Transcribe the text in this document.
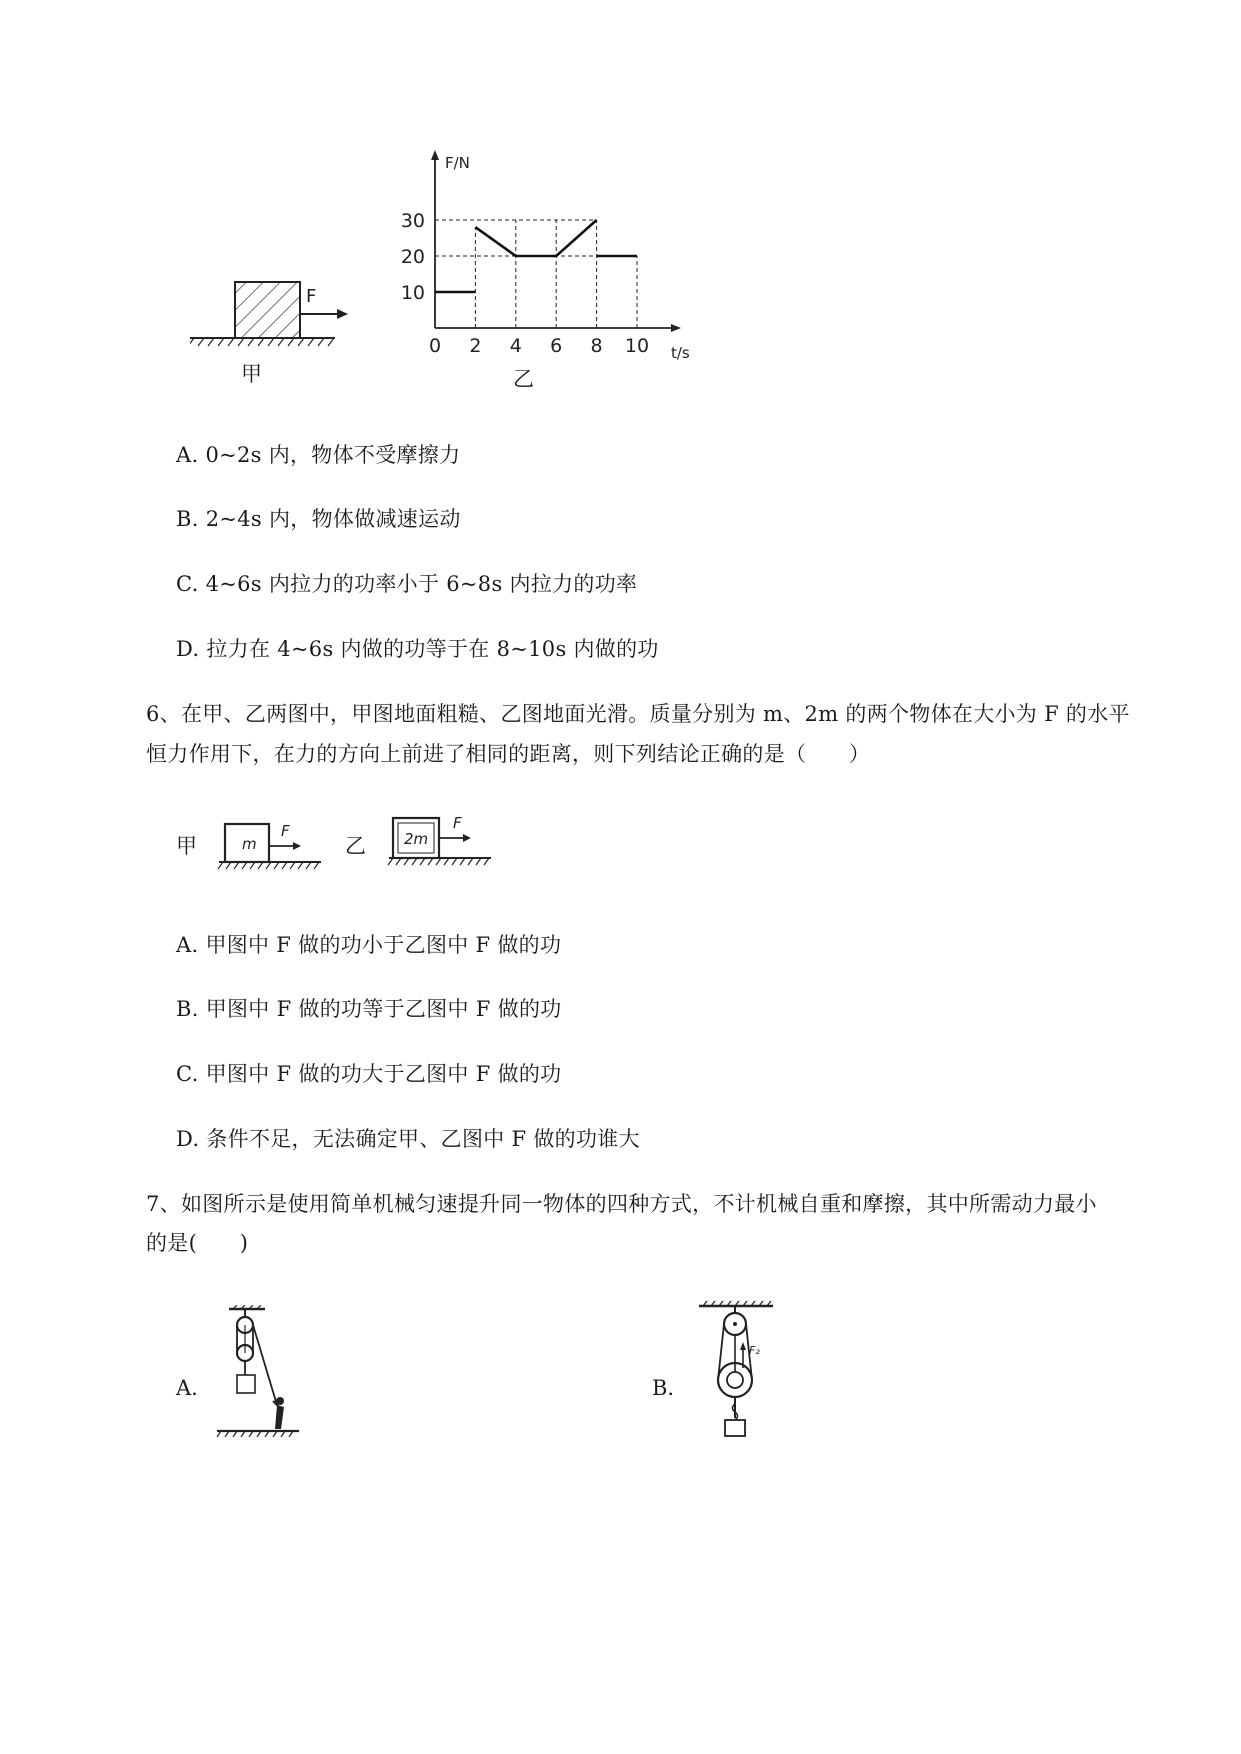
F
甲
0 2 4 6 8 10
10
20
30
t/s
F/N
乙
A. 0~2s 内，物体不受摩擦力
B. 2~4s 内，物体做减速运动
C. 4~6s 内拉力的功率小于 6~8s 内拉力的功率
D. 拉力在 4~6s 内做的功等于在 8~10s 内做的功
6、在甲、乙两图中，甲图地面粗糙、乙图地面光滑。质量分别为 m、2m 的两个物体在大小为 F 的水平
恒力作用下，在力的方向上前进了相同的距离，则下列结论正确的是（　　）
甲	m
F
乙	2m
F
A. 甲图中 F 做的功小于乙图中 F 做的功
B. 甲图中 F 做的功等于乙图中 F 做的功
C. 甲图中 F 做的功大于乙图中 F 做的功
D. 条件不足，无法确定甲、乙图中 F 做的功谁大
7、如图所示是使用简单机械匀速提升同一物体的四种方式，不计机械自重和摩擦，其中所需动力最小
的是(　　)
A.	B.
F₂
